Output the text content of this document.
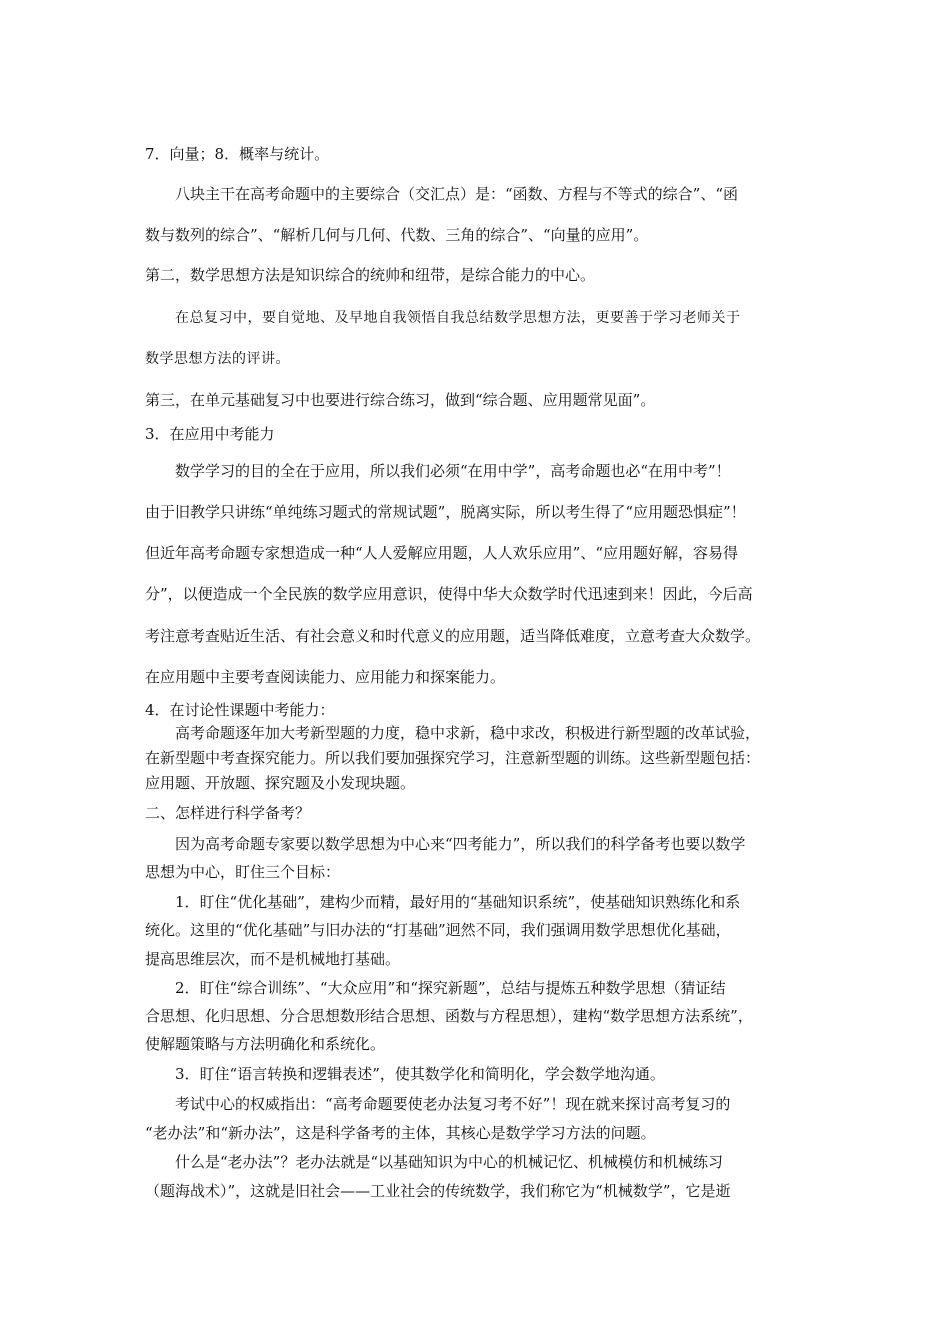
7．向量；8．概率与统计。
八块主干在高考命题中的主要综合（交汇点）是：“函数、方程与不等式的综合”、“函
数与数列的综合”、“解析几何与几何、代数、三角的综合”、“向量的应用”。
第二，数学思想方法是知识综合的统帅和纽带，是综合能力的中心。
在总复习中，要自觉地、及早地自我领悟自我总结数学思想方法，更要善于学习老师关于
数学思想方法的评讲。
第三，在单元基础复习中也要进行综合练习，做到“综合题、应用题常见面”。
3．在应用中考能力
数学学习的目的全在于应用，所以我们必须“在用中学”，高考命题也必“在用中考”！
由于旧教学只讲练“单纯练习题式的常规试题”，脱离实际，所以考生得了“应用题恐惧症”！
但近年高考命题专家想造成一种“人人爱解应用题，人人欢乐应用”、“应用题好解，容易得
分”，以便造成一个全民族的数学应用意识，使得中华大众数学时代迅速到来！因此，今后高
考注意考查贴近生活、有社会意义和时代意义的应用题，适当降低难度，立意考查大众数学。
在应用题中主要考查阅读能力、应用能力和探案能力。
4．在讨论性课题中考能力：
高考命题逐年加大考新型题的力度，稳中求新，稳中求改，积极进行新型题的改革试验，
在新型题中考查探究能力。所以我们要加强探究学习，注意新型题的训练。这些新型题包括：
应用题、开放题、探究题及小发现块题。
二、怎样进行科学备考？
因为高考命题专家要以数学思想为中心来“四考能力”，所以我们的科学备考也要以数学
思想为中心，盯住三个目标：
1．盯住“优化基础”，建构少而精，最好用的“基础知识系统”，使基础知识熟练化和系
统化。这里的“优化基础”与旧办法的“打基础”迥然不同，我们强调用数学思想优化基础，
提高思维层次，而不是机械地打基础。
2．盯住“综合训练”、“大众应用”和“探究新题”，总结与提炼五种数学思想（猜证结
合思想、化归思想、分合思想数形结合思想、函数与方程思想），建构“数学思想方法系统”，
使解题策略与方法明确化和系统化。
3．盯住“语言转换和逻辑表述”，使其数学化和简明化，学会数学地沟通。
考试中心的权威指出：“高考命题要使老办法复习考不好”！现在就来探讨高考复习的
“老办法”和“新办法”，这是科学备考的主体，其核心是数学学习方法的问题。
什么是“老办法”？老办法就是“以基础知识为中心的机械记忆、机械模仿和机械练习
（题海战术）”，这就是旧社会——工业社会的传统数学，我们称它为“机械数学”，它是逝
